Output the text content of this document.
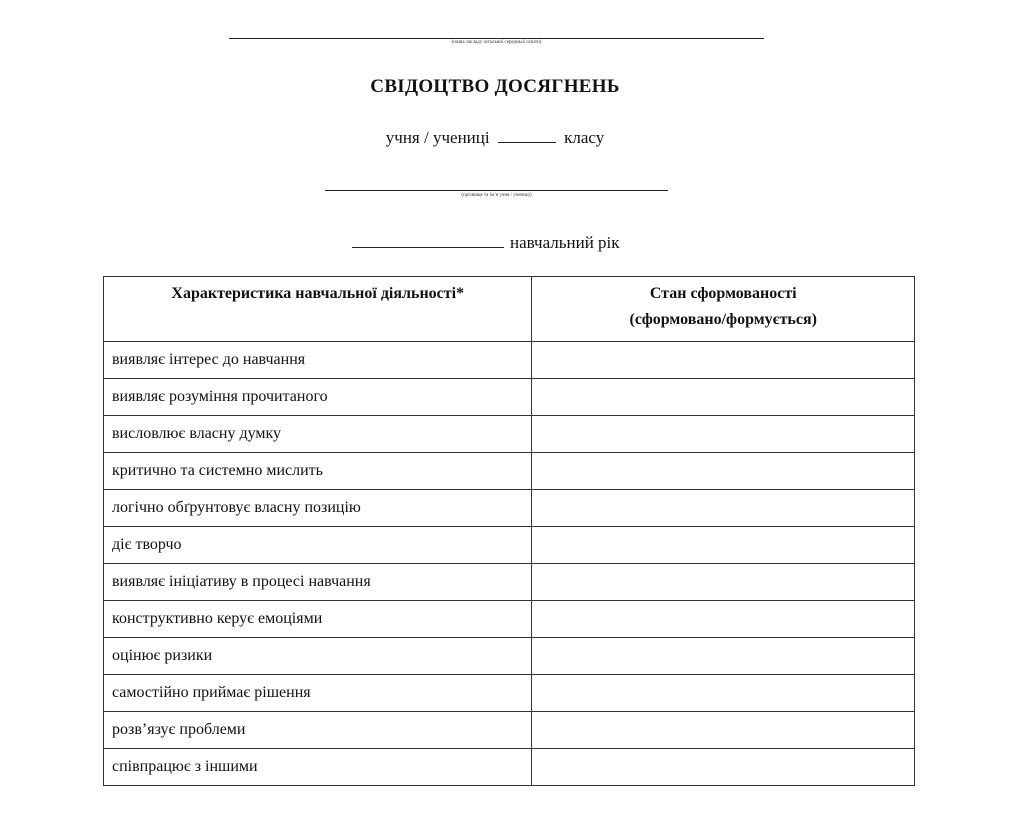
(назва закладу загальної середньої освіти)
СВІДОЦТВО ДОСЯГНЕНЬ
учня / учениці	класу
(прізвище та ім’я учня / учениці)
навчальний рік
Характеристика навчальної діяльності*	Стан сформованості
(сформовано/формується)
виявляє інтерес до навчання	
виявляє розуміння прочитаного	
висловлює власну думку	
критично та системно мислить	
логічно обґрунтовує власну позицію	
діє творчо	
виявляє ініціативу в процесі навчання	
конструктивно керує емоціями	
оцінює ризики	
самостійно приймає рішення	
розв’язує проблеми	
співпрацює з іншими	
